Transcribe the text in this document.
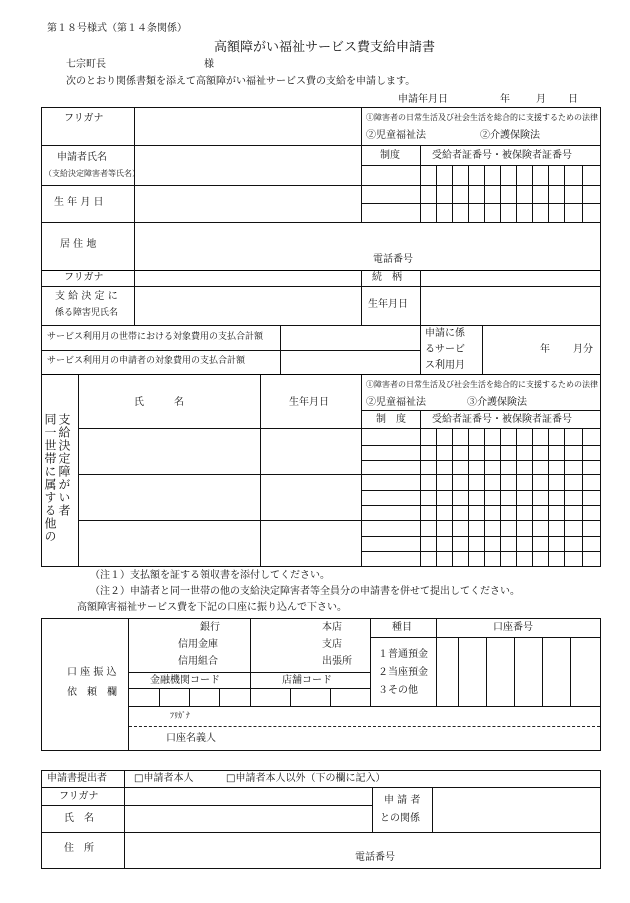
第１８号様式（第１４条関係）
高額障がい福祉サービス費支給申請書
七宗町長	様
次のとおり関係書類を添えて高額障がい福祉サービス費の支給を申請します。
申請年月日	年	月 日
フリガナ	①障害者の日常生活及び社会生活を総合的に支援するための法律
②児童福祉法	②介護保険法
申請者氏名
（支給決定障害者等氏名）
制度	受給者証番号・被保険者証番号
生 年 月 日
居 住 地
電話番号
フリガナ	続　柄
支 給 決 定 に
係る障害児氏名
生年月日
サービス利用月の世帯における対象費用の支払合計額
サービス利用月の申請者の対象費用の支払合計額
申請に係
るサービ
ス利用月
年 月分
支給決定障がい者
同一世帯に属する他の
氏　　　名	生年月日
①障害者の日常生活及び社会生活を総合的に支援するための法律
②児童福祉法	③介護保険法
制　度	受給者証番号・被保険者証番号
（注１）支払額を証する領収書を添付してください。
（注２）申請者と同一世帯の他の支給決定障害者等全員分の申請書を併せて提出してください。
高額障害福祉サービス費を下記の口座に振り込んで下さい。
口 座 振 込
依　頼　欄
銀行
信用金庫
信用組合
本店
支店
出張所
金融機関コード	店舗コード
種目	口座番号
１普通預金
２当座預金
３その他
ﾌﾘｶﾞﾅ
口座名義人
申請書提出者	□申請者本人	□申請者本人以外（下の欄に記入）
フリガナ
氏　名
申 請 者
との関係
住　所
電話番号
